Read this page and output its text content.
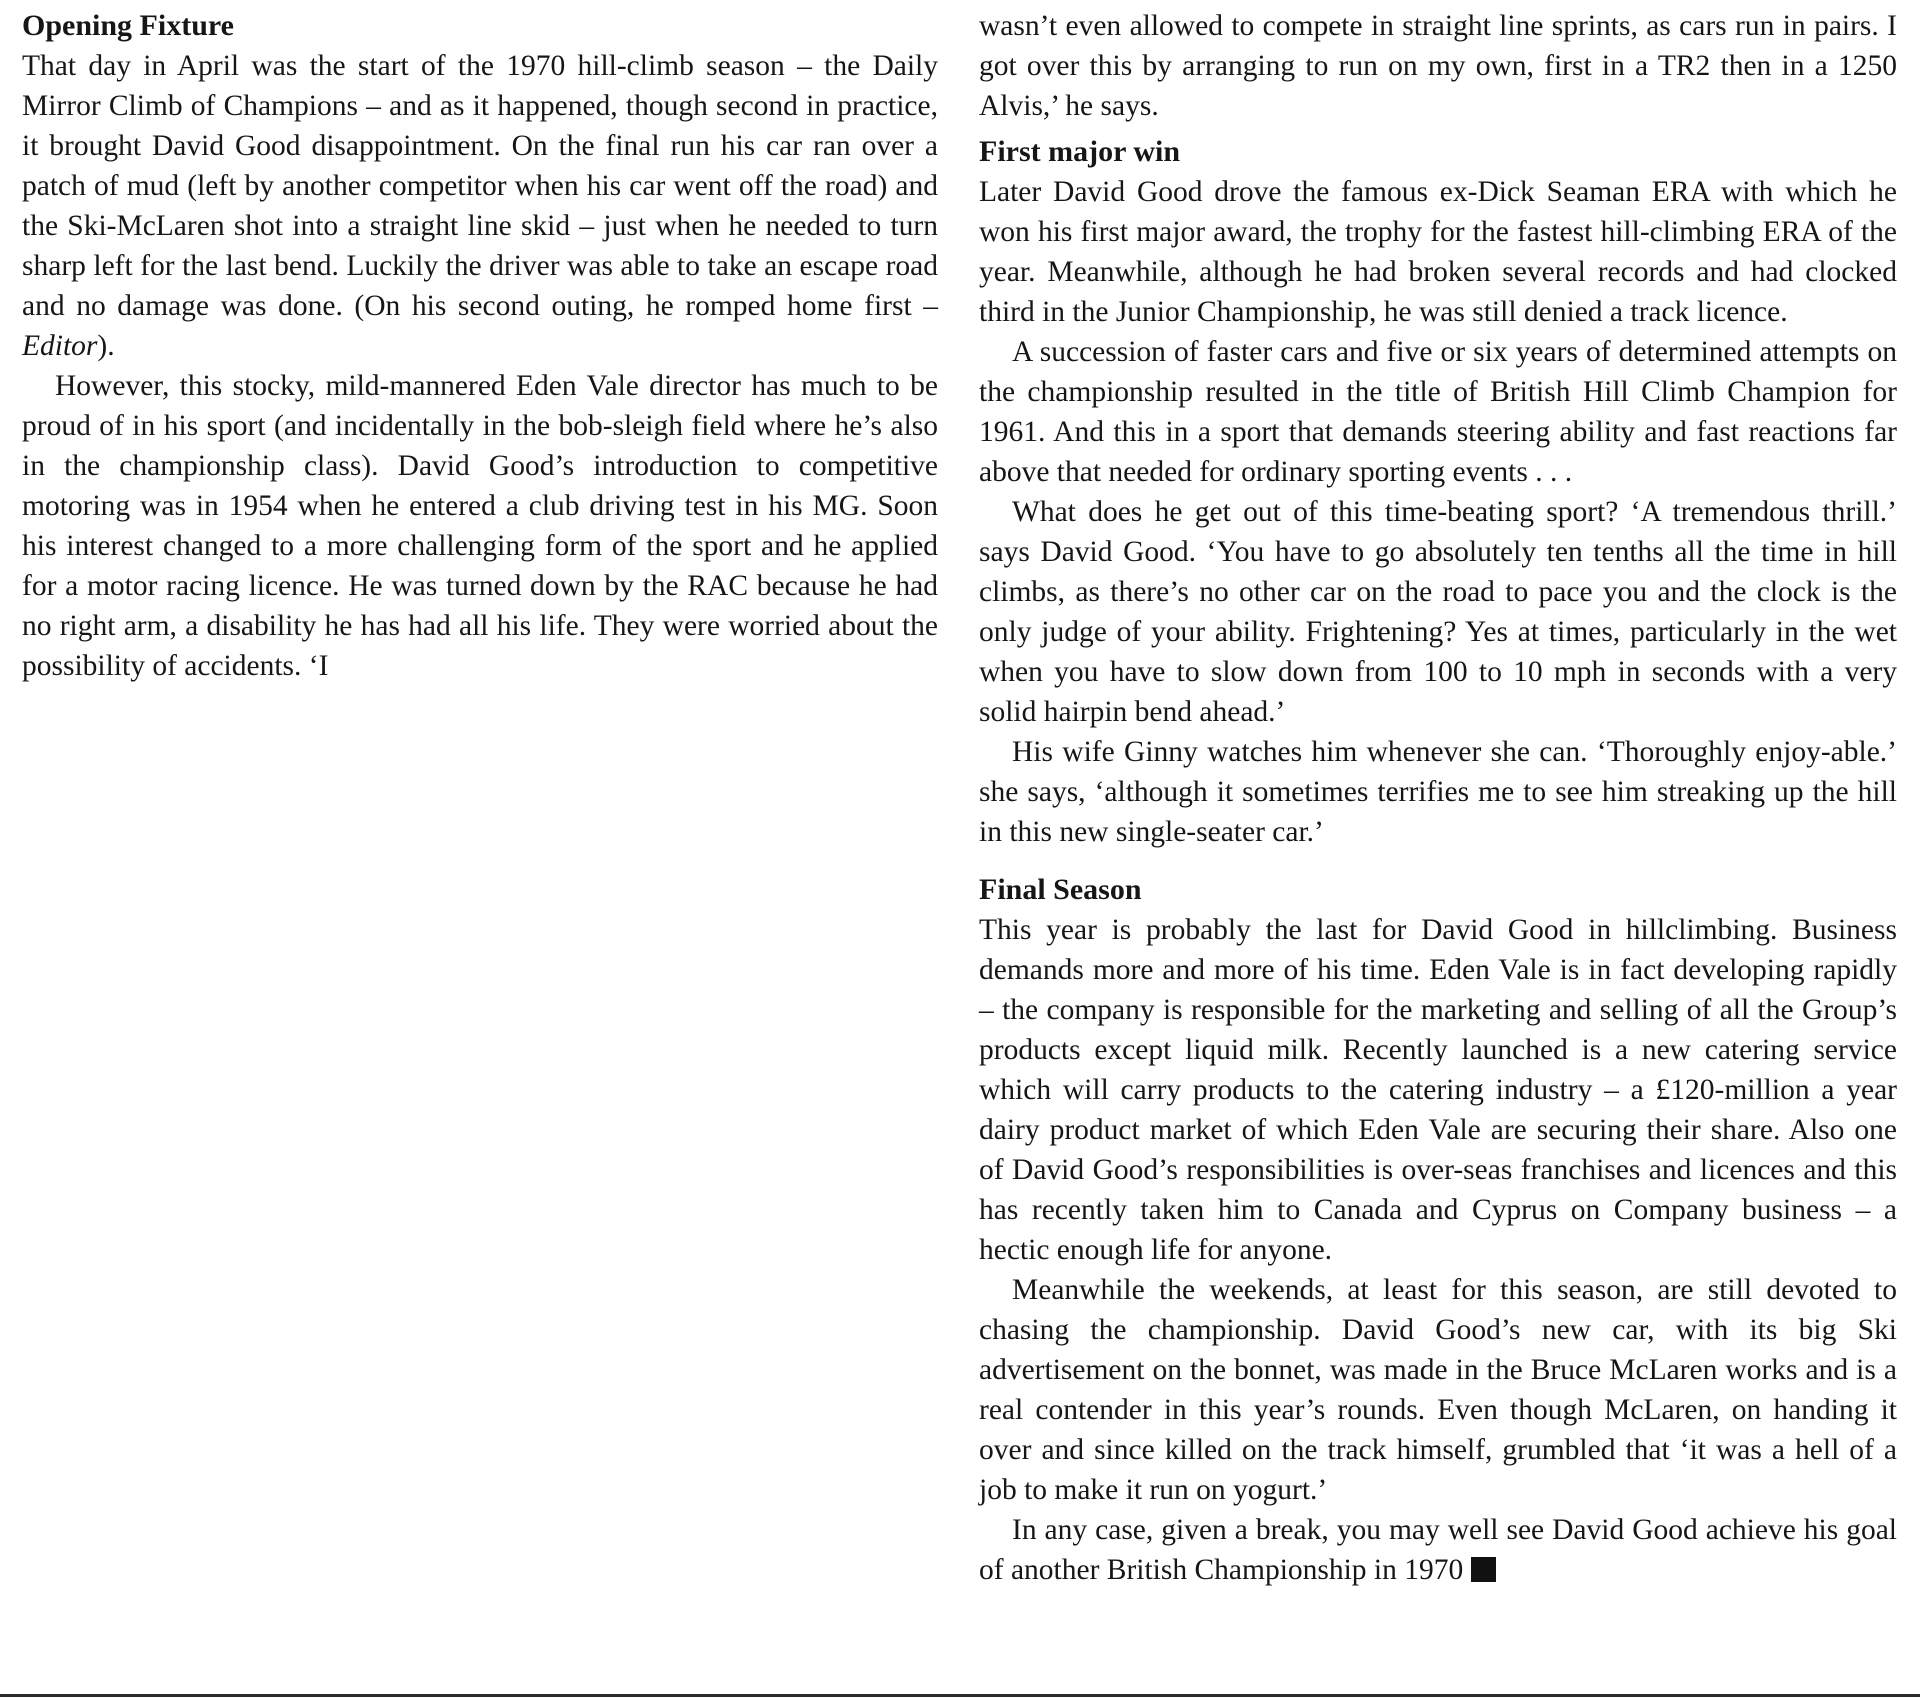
Opening Fixture

That day in April was the start of the 1970 hill-climb season – the Daily Mirror Climb of Champions – and as it happened, though second in practice, it brought David Good disappointment. On the final run his car ran over a patch of mud (left by another competitor when his car went off the road) and the Ski-McLaren shot into a straight line skid – just when he needed to turn sharp left for the last bend. Luckily the driver was able to take an escape road and no damage was done. (On his second outing, he romped home first – Editor).

However, this stocky, mild-mannered Eden Vale director has much to be proud of in his sport (and incidentally in the bob-sleigh field where he’s also in the championship class). David Good’s introduction to competitive motoring was in 1954 when he entered a club driving test in his MG. Soon his interest changed to a more challenging form of the sport and he applied for a motor racing licence. He was turned down by the RAC because he had no right arm, a disability he has had all his life. They were worried about the possibility of accidents. ‘I

wasn’t even allowed to compete in straight line sprints, as cars run in pairs. I got over this by arranging to run on my own, first in a TR2 then in a 1250 Alvis,’ he says.

First major win

Later David Good drove the famous ex-Dick Seaman ERA with which he won his first major award, the trophy for the fastest hill-climbing ERA of the year. Meanwhile, although he had broken several records and had clocked third in the Junior Championship, he was still denied a track licence.

A succession of faster cars and five or six years of determined attempts on the championship resulted in the title of British Hill Climb Champion for 1961. And this in a sport that demands steering ability and fast reactions far above that needed for ordinary sporting events . . .

What does he get out of this time-beating sport? ‘A tremendous thrill.’ says David Good. ‘You have to go absolutely ten tenths all the time in hill climbs, as there’s no other car on the road to pace you and the clock is the only judge of your ability. Frightening? Yes at times, particularly in the wet when you have to slow down from 100 to 10 mph in seconds with a very solid hairpin bend ahead.’

His wife Ginny watches him whenever she can. ‘Thoroughly enjoy-able.’ she says, ‘although it sometimes terrifies me to see him streaking up the hill in this new single-seater car.’

Final Season

This year is probably the last for David Good in hillclimbing. Business demands more and more of his time. Eden Vale is in fact developing rapidly – the company is responsible for the marketing and selling of all the Group’s products except liquid milk. Recently launched is a new catering service which will carry products to the catering industry – a £120-million a year dairy product market of which Eden Vale are securing their share. Also one of David Good’s responsibilities is over-seas franchises and licences and this has recently taken him to Canada and Cyprus on Company business – a hectic enough life for anyone.

Meanwhile the weekends, at least for this season, are still devoted to chasing the championship. David Good’s new car, with its big Ski advertisement on the bonnet, was made in the Bruce McLaren works and is a real contender in this year’s rounds. Even though McLaren, on handing it over and since killed on the track himself, grumbled that ‘it was a hell of a job to make it run on yogurt.’

In any case, given a break, you may well see David Good achieve his goal of another British Championship in 1970
